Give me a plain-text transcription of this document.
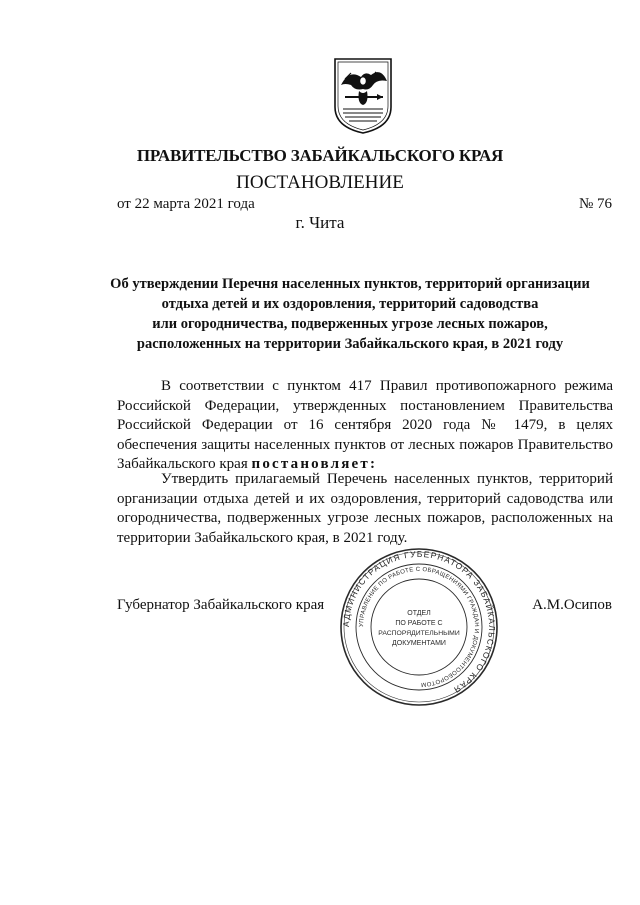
ПРАВИТЕЛЬСТВО ЗАБАЙКАЛЬСКОГО КРАЯ
ПОСТАНОВЛЕНИЕ
от 22 марта 2021 года	№ 76
г. Чита
Об утверждении Перечня населенных пунктов, территорий организации
отдыха детей и их оздоровления, территорий садоводства
или огородничества, подверженных угрозе лесных пожаров,
расположенных на территории Забайкальского края, в 2021 году
В соответствии с пунктом 417 Правил противопожарного режима Российской Федерации, утвержденных постановлением Правительства Российской Федерации от 16 сентября 2020 года № 1479, в целях обеспечения защиты населенных пунктов от лесных пожаров Правительство Забайкальского края постановляет:
Утвердить прилагаемый Перечень населенных пунктов, территорий организации отдыха детей и их оздоровления, территорий садоводства или огородничества, подверженных угрозе лесных пожаров, расположенных на территории Забайкальского края, в 2021 году.
АДМИНИСТРАЦИЯ ГУБЕРНАТОРА ЗАБАЙКАЛЬСКОГО КРАЯ
УПРАВЛЕНИЕ ПО РАБОТЕ С ОБРАЩЕНИЯМИ ГРАЖДАН И ДОКУМЕНТООБОРОТОМ
ОТДЕЛ
ПО РАБОТЕ С
РАСПОРЯДИТЕЛЬНЫМИ
ДОКУМЕНТАМИ
Губернатор Забайкальского края	А.М.Осипов
